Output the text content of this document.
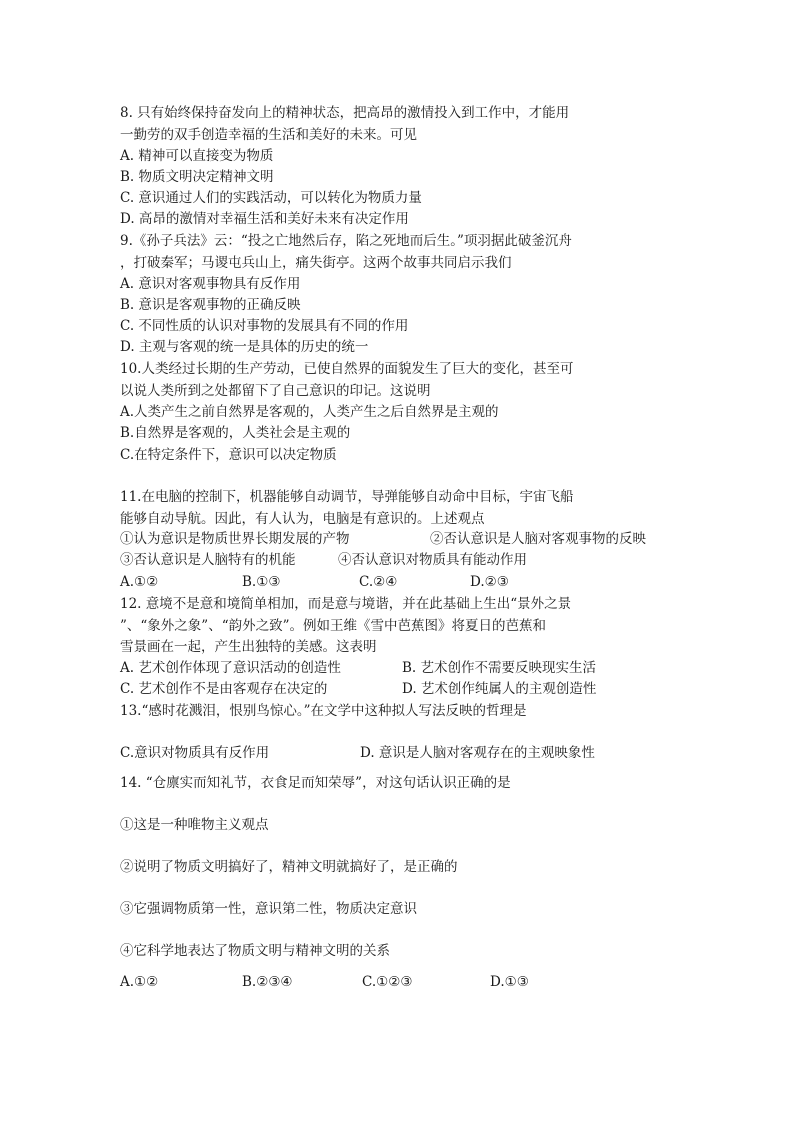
8. 只有始终保持奋发向上的精神状态，把高昂的激情投入到工作中，才能用
一勤劳的双手创造幸福的生活和美好的未来。可见
A. 精神可以直接变为物质
B. 物质文明决定精神文明
C. 意识通过人们的实践活动，可以转化为物质力量
D. 高昂的激情对幸福生活和美好未来有决定作用
9.《孙子兵法》云：“投之亡地然后存，陷之死地而后生。”项羽据此破釜沉舟
，打破秦军；马谡屯兵山上，痛失街亭。这两个故事共同启示我们
A. 意识对客观事物具有反作用
B. 意识是客观事物的正确反映
C. 不同性质的认识对事物的发展具有不同的作用
D. 主观与客观的统一是具体的历史的统一
10.人类经过长期的生产劳动，已使自然界的面貌发生了巨大的变化，甚至可
以说人类所到之处都留下了自己意识的印记。这说明
A.人类产生之前自然界是客观的，人类产生之后自然界是主观的
B.自然界是客观的，人类社会是主观的
C.在特定条件下，意识可以决定物质
11.在电脑的控制下，机器能够自动调节，导弹能够自动命中目标，宇宙飞船
能够自动导航。因此，有人认为，电脑是有意识的。上述观点
①认为意识是物质世界长期发展的产物	②否认意识是人脑对客观事物的反映
③否认意识是人脑特有的机能	④否认意识对物质具有能动作用
A.①②	B.①③	C.②④	D.②③
12. 意境不是意和境简单相加，而是意与境谐，并在此基础上生出“景外之景
”、“象外之象”、“韵外之致”。例如王维《雪中芭蕉图》将夏日的芭蕉和
雪景画在一起，产生出独特的美感。这表明
A. 艺术创作体现了意识活动的创造性	B. 艺术创作不需要反映现实生活
C. 艺术创作不是由客观存在决定的	D. 艺术创作纯属人的主观创造性
13.“感时花溅泪，恨别鸟惊心。”在文学中这种拟人写法反映的哲理是
C.意识对物质具有反作用	D. 意识是人脑对客观存在的主观映象性
14. “仓廪实而知礼节，衣食足而知荣辱”，对这句话认识正确的是
①这是一种唯物主义观点
②说明了物质文明搞好了，精神文明就搞好了，是正确的
③它强调物质第一性，意识第二性，物质决定意识
④它科学地表达了物质文明与精神文明的关系
A.①②	B.②③④	C.①②③	D.①③
